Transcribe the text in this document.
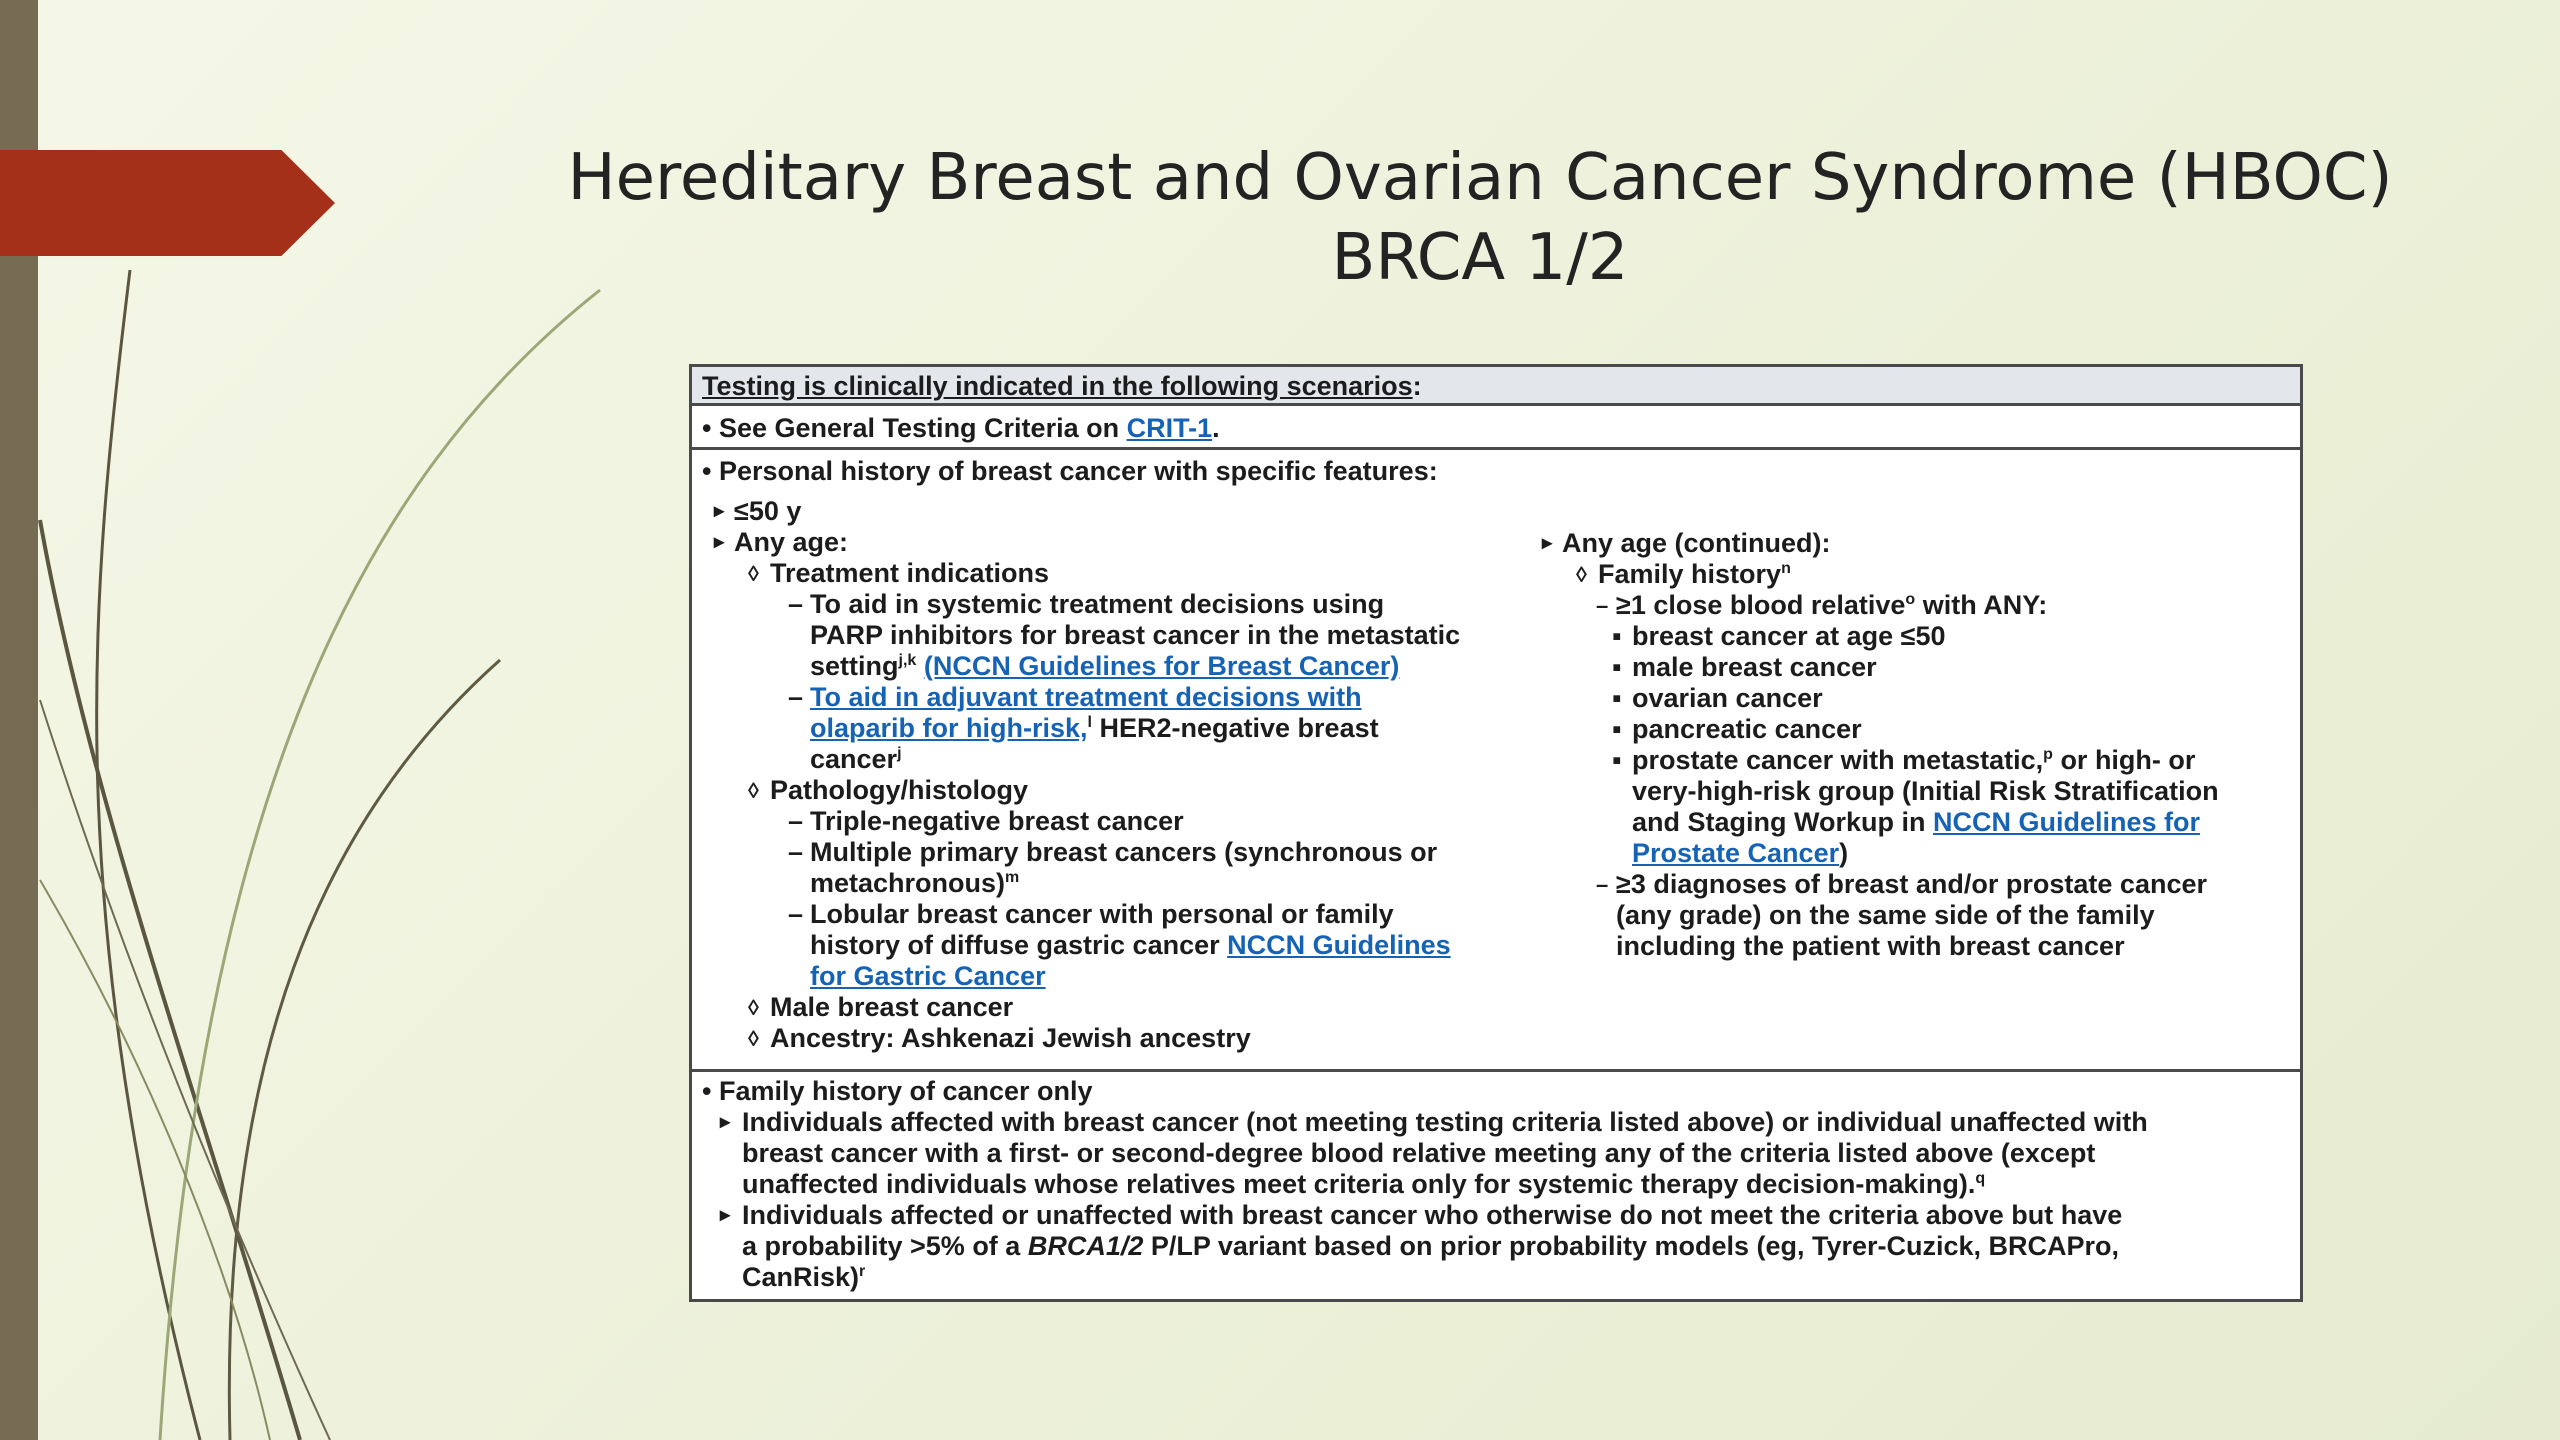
Hereditary Breast and Ovarian Cancer Syndrome (HBOC)
BRCA 1/2
Testing is clinically indicated in the following scenarios:
• See General Testing Criteria on CRIT-1.
• Personal history of breast cancer with specific features:
▸ ≤50 y
▸ Any age:
◊ Treatment indications
– To aid in systemic treatment decisions using
PARP inhibitors for breast cancer in the metastatic
setting$^{j,k}$ (NCCN Guidelines for Breast Cancer)
– To aid in adjuvant treatment decisions with
olaparib for high-risk,$^l$ HER2-negative breast
cancer$^j$
◊ Pathology/histology
– Triple-negative breast cancer
– Multiple primary breast cancers (synchronous or
metachronous)$^m$
– Lobular breast cancer with personal or family
history of diffuse gastric cancer NCCN Guidelines
for Gastric Cancer
◊ Male breast cancer
◊ Ancestry: Ashkenazi Jewish ancestry
▸ Any age (continued):
◊ Family history$^n$
– ≥1 close blood relative$^o$ with ANY:
▪ breast cancer at age ≤50
▪ male breast cancer
▪ ovarian cancer
▪ pancreatic cancer
▪ prostate cancer with metastatic,$^p$ or high- or
very-high-risk group (Initial Risk Stratification
and Staging Workup in NCCN Guidelines for
Prostate Cancer)
– ≥3 diagnoses of breast and/or prostate cancer
(any grade) on the same side of the family
including the patient with breast cancer
• Family history of cancer only
▸ Individuals affected with breast cancer (not meeting testing criteria listed above) or individual unaffected with
breast cancer with a first- or second-degree blood relative meeting any of the criteria listed above (except
unaffected individuals whose relatives meet criteria only for systemic therapy decision-making).$^q$
▸ Individuals affected or unaffected with breast cancer who otherwise do not meet the criteria above but have
a probability >5% of a BRCA1/2 P/LP variant based on prior probability models (eg, Tyrer-Cuzick, BRCAPro,
CanRisk)$^r$
